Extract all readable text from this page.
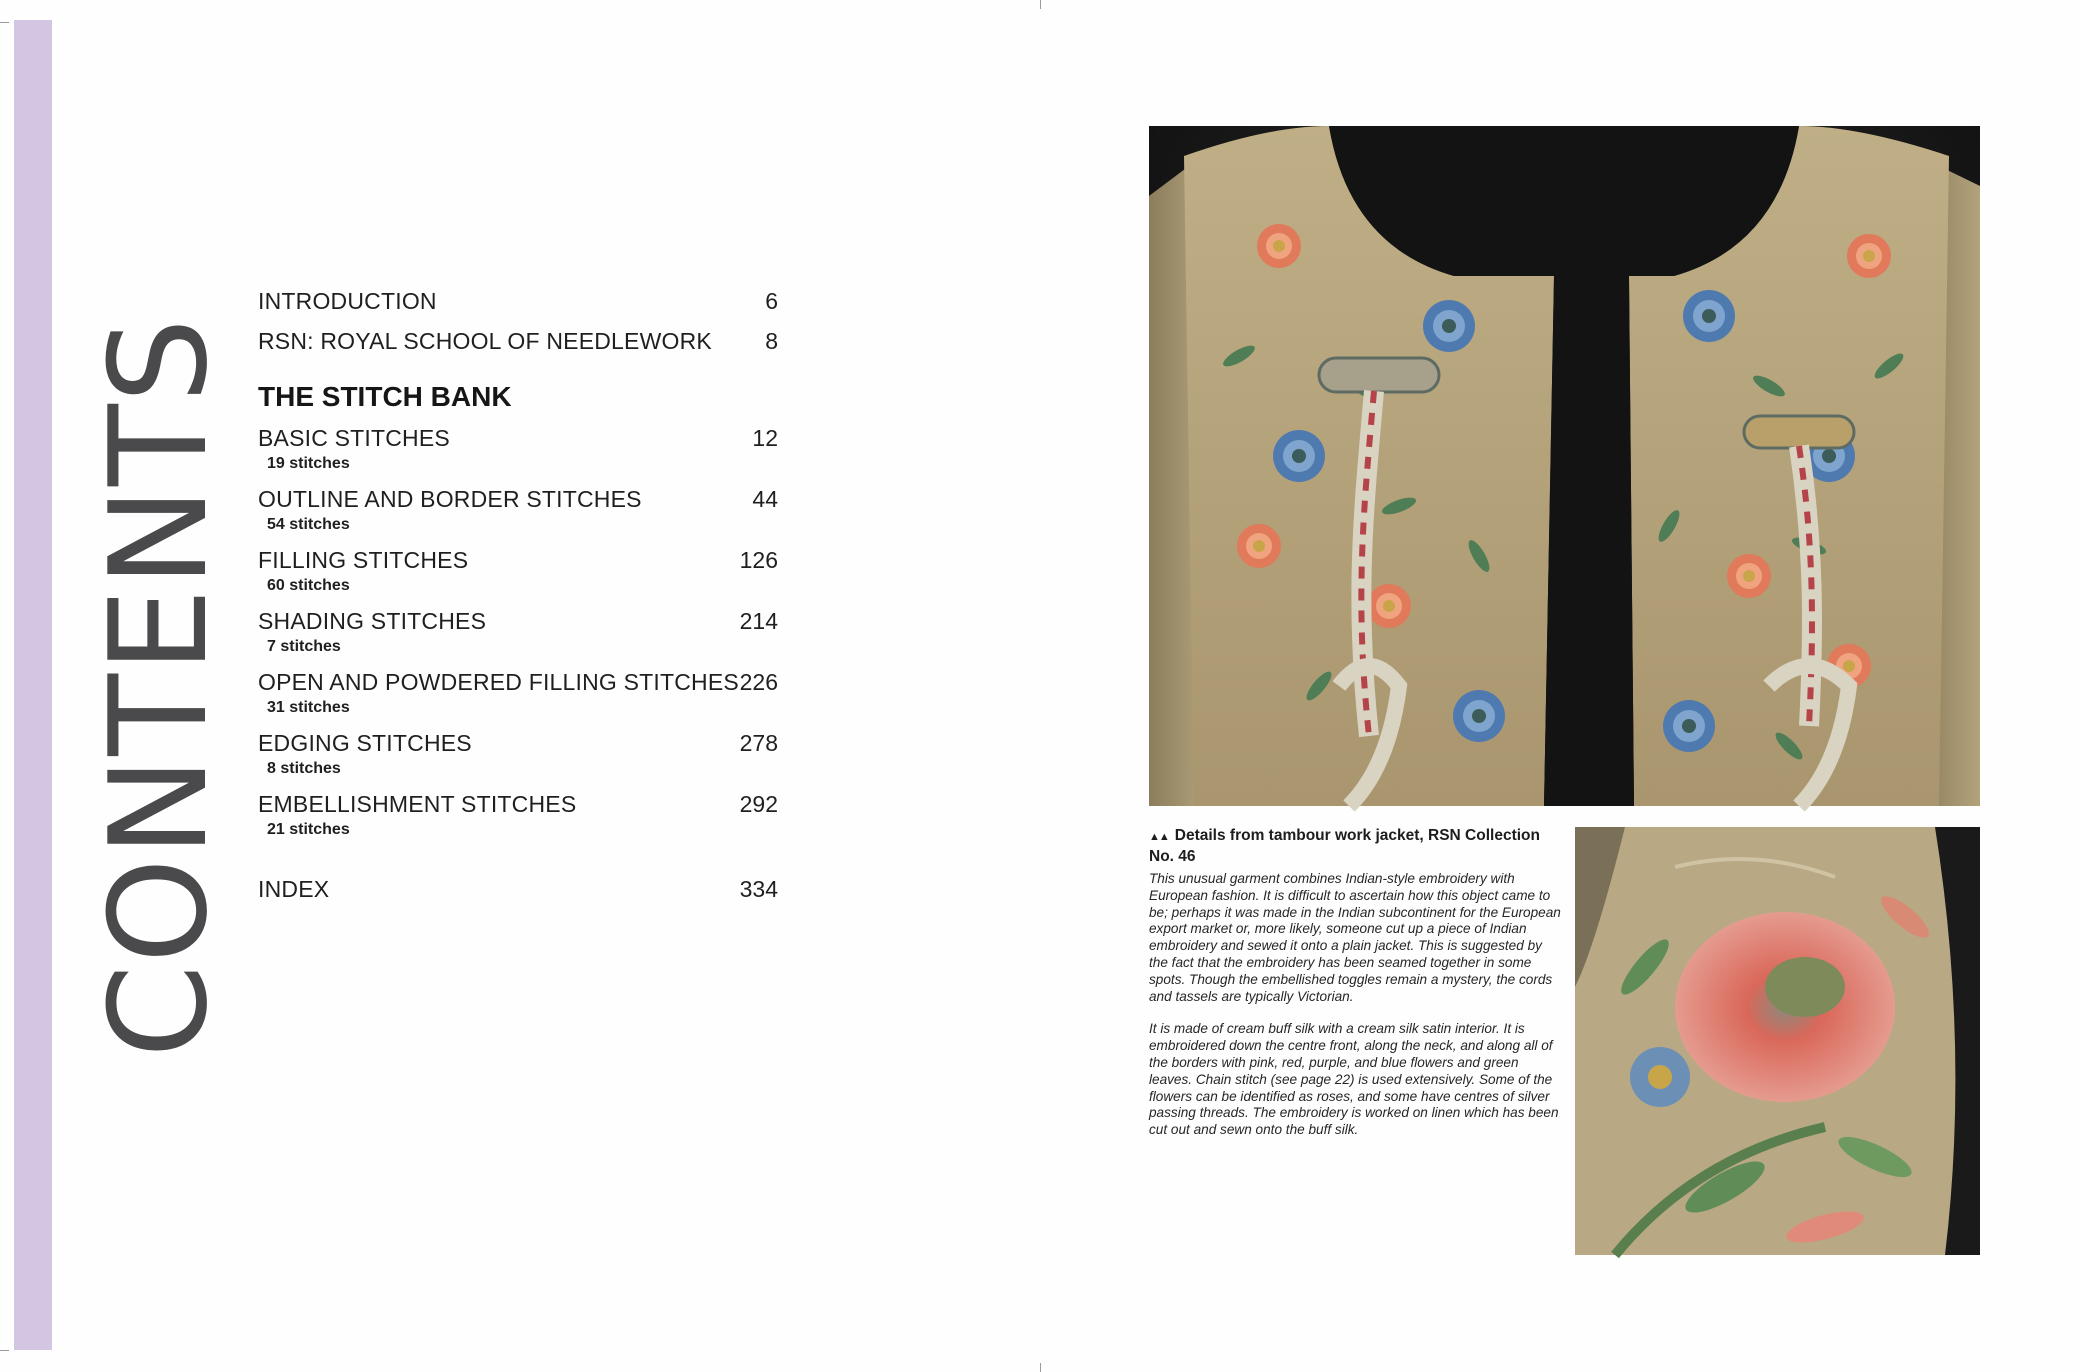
CONTENTS
INTRODUCTION	6
RSN: ROYAL SCHOOL OF NEEDLEWORK 8
THE STITCH BANK
BASIC STITCHES	12
19 stitches
OUTLINE AND BORDER STITCHES	44
54 stitches
FILLING STITCHES	126
60 stitches
SHADING STITCHES	214
7 stitches
OPEN AND POWDERED FILLING STITCHES 226
31 stitches
EDGING STITCHES	278
8 stitches
EMBELLISHMENT STITCHES	292
21 stitches
INDEX	334
▲▲ Details from tambour work jacket, RSN Collection No. 46

This unusual garment combines Indian-style embroidery with European fashion. It is difficult to ascertain how this object came to be; perhaps it was made in the Indian subcontinent for the European export market or, more likely, someone cut up a piece of Indian embroidery and sewed it onto a plain jacket. This is suggested by the fact that the embroidery has been seamed together in some spots. Though the embellished toggles remain a mystery, the cords and tassels are typically Victorian.

It is made of cream buff silk with a cream silk satin interior. It is embroidered down the centre front, along the neck, and along all of the borders with pink, red, purple, and blue flowers and green leaves. Chain stitch (see page 22) is used extensively. Some of the flowers can be identified as roses, and some have centres of silver passing threads. The embroidery is worked on linen which has been cut out and sewn onto the buff silk.
